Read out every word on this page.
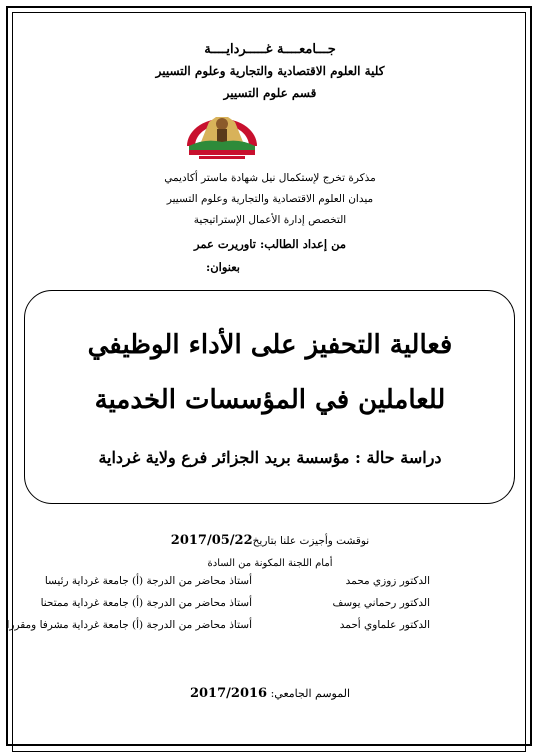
جـــامعــــة غـــــردايــــة
كلية العلوم الاقتصادية والتجارية وعلوم التسيير
قسم علوم التسيير
مذكرة تخرج لإستكمال نيل شهادة ماستر أكاديمي
ميدان العلوم الاقتصادية والتجارية وعلوم التسيير
التخصص إدارة الأعمال الإستراتيجية
من إعداد الطالب: تاوريرت عمر
بعنوان:
فعالية التحفيز على الأداء الوظيفي
للعاملين في المؤسسات الخدمية
دراسة حالة : مؤسسة بريد الجزائر فرع ولاية غرداية
نوقشت وأجيزت علنا بتاريخ2017/05/22
أمام اللجنة المكونة من السادة
الدكتور زوزي محمد
أستاذ محاضر من الدرجة (أ) جامعة غرداية رئيسا
الدكتور رحماني يوسف
أستاذ محاضر من الدرجة (أ) جامعة غرداية ممتحنا
الدكتور علماوي أحمد
أستاذ محاضر من الدرجة (أ) جامعة غرداية مشرفا ومقررا
الموسم الجامعي: 2017/2016
